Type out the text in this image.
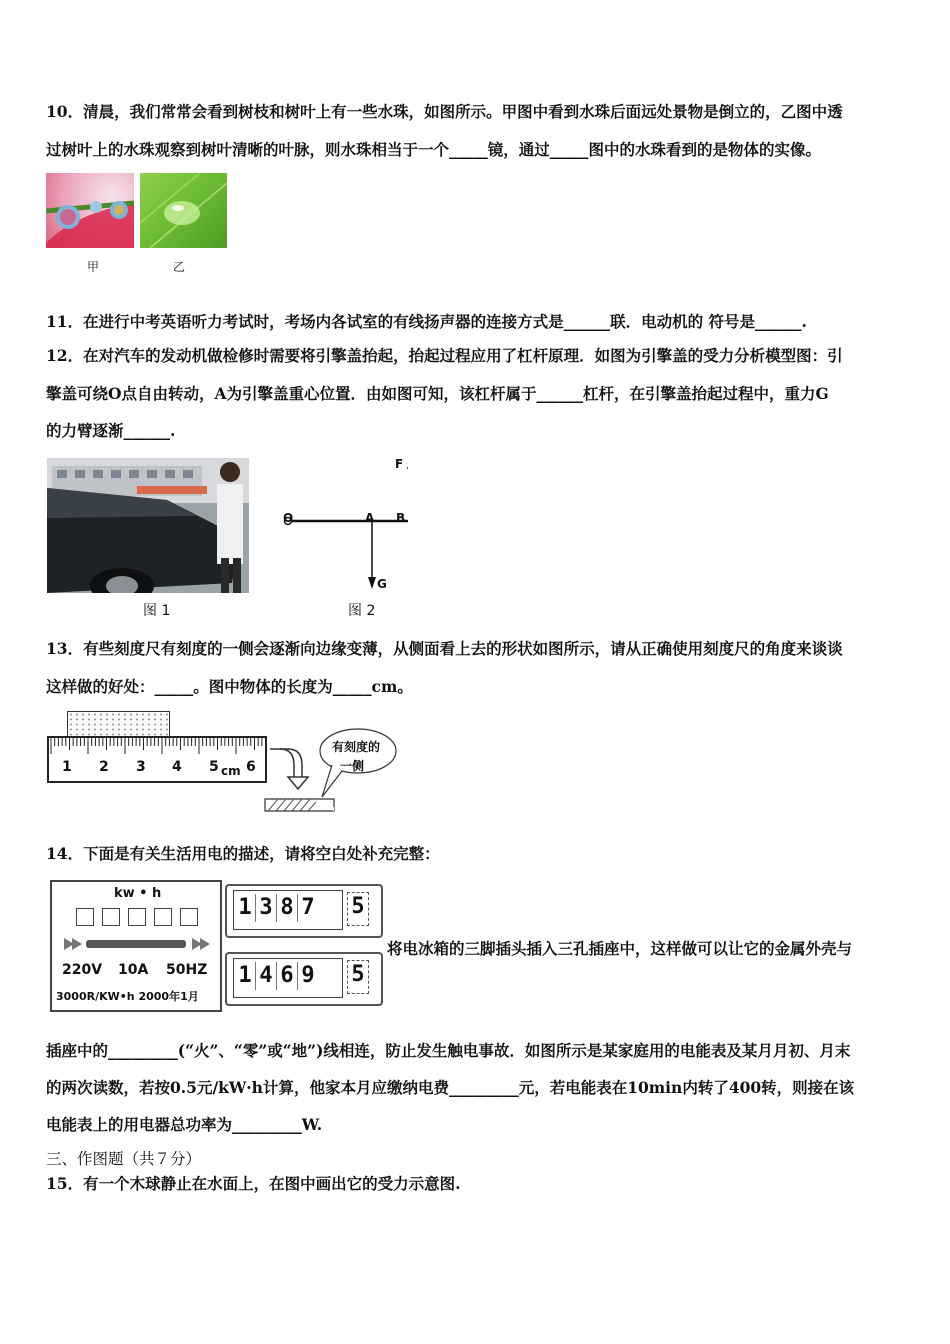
10．清晨，我们常常会看到树枝和树叶上有一些水珠，如图所示。甲图中看到水珠后面远处景物是倒立的，乙图中透
过树叶上的水珠观察到树叶清晰的叶脉，则水珠相当于一个_____镜，通过_____图中的水珠看到的是物体的实像。
甲	乙
11．在进行中考英语听力考试时，考场内各试室的有线扬声器的连接方式是______联．电动机的 符号是______.
12．在对汽车的发动机做检修时需要将引擎盖抬起，抬起过程应用了杠杆原理．如图为引擎盖的受力分析模型图：引
擎盖可绕O点自由转动，A为引擎盖重心位置．由如图可知，该杠杆属于______杠杆，在引擎盖抬起过程中，重力G
的力臂逐渐______.
图 1
O	A B
F
G
图 2
13．有些刻度尺有刻度的一侧会逐渐向边缘变薄，从侧面看上去的形状如图所示，请从正确使用刻度尺的角度来谈谈
这样做的好处：_____。图中物体的长度为_____cm。
1 2 3 4 5 cm 6
有刻度的
一侧
14．下面是有关生活用电的描述，请将空白处补充完整：
kw • h
220V 10A 50HZ
3000R/KW•h 2000年1月
1 3 8 7 5
1 4 6 9 5
将电冰箱的三脚插头插入三孔插座中，这样做可以让它的金属外壳与
插座中的_________(“火”、“零”或“地”)线相连，防止发生触电事故．如图所示是某家庭用的电能表及某月月初、月末
的两次读数，若按0.5元/kW·h计算，他家本月应缴纳电费_________元，若电能表在10min内转了400转，则接在该
电能表上的用电器总功率为_________W.
三、作图题（共７分）
15．有一个木球静止在水面上，在图中画出它的受力示意图.
